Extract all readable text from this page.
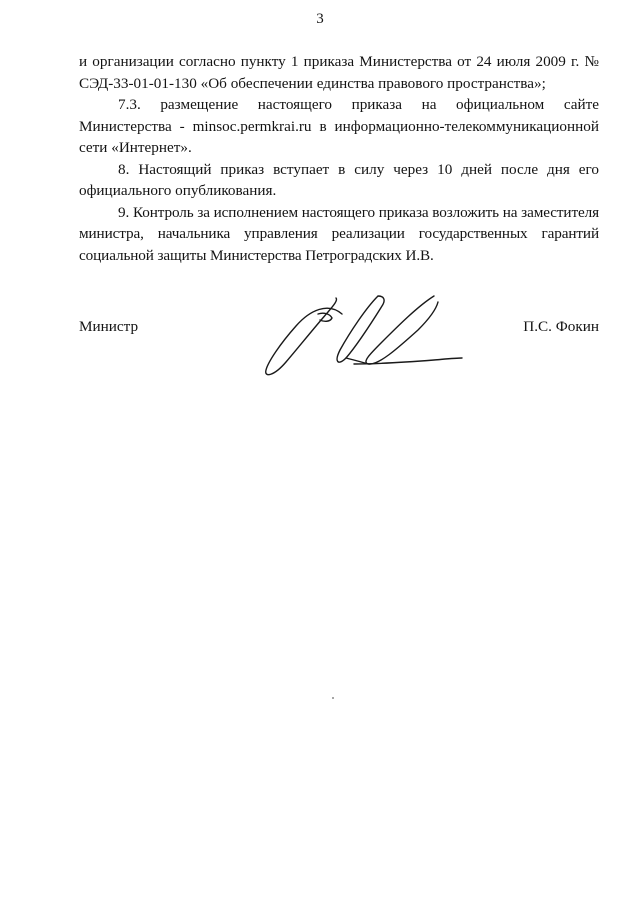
3

и организации согласно пункту 1 приказа Министерства от 24 июля 2009 г. № СЭД-33-01-01-130 «Об обеспечении единства правового пространства»;

7.3. размещение настоящего приказа на официальном сайте Министерства - minsoc.permkrai.ru в информационно-телекоммуникационной сети «Интернет».

8. Настоящий приказ вступает в силу через 10 дней после дня его официального опубликования.

9. Контроль за исполнением настоящего приказа возложить на заместителя министра, начальника управления реализации государственных гарантий социальной защиты Министерства Петроградских И.В.

Министр	П.С. Фокин
